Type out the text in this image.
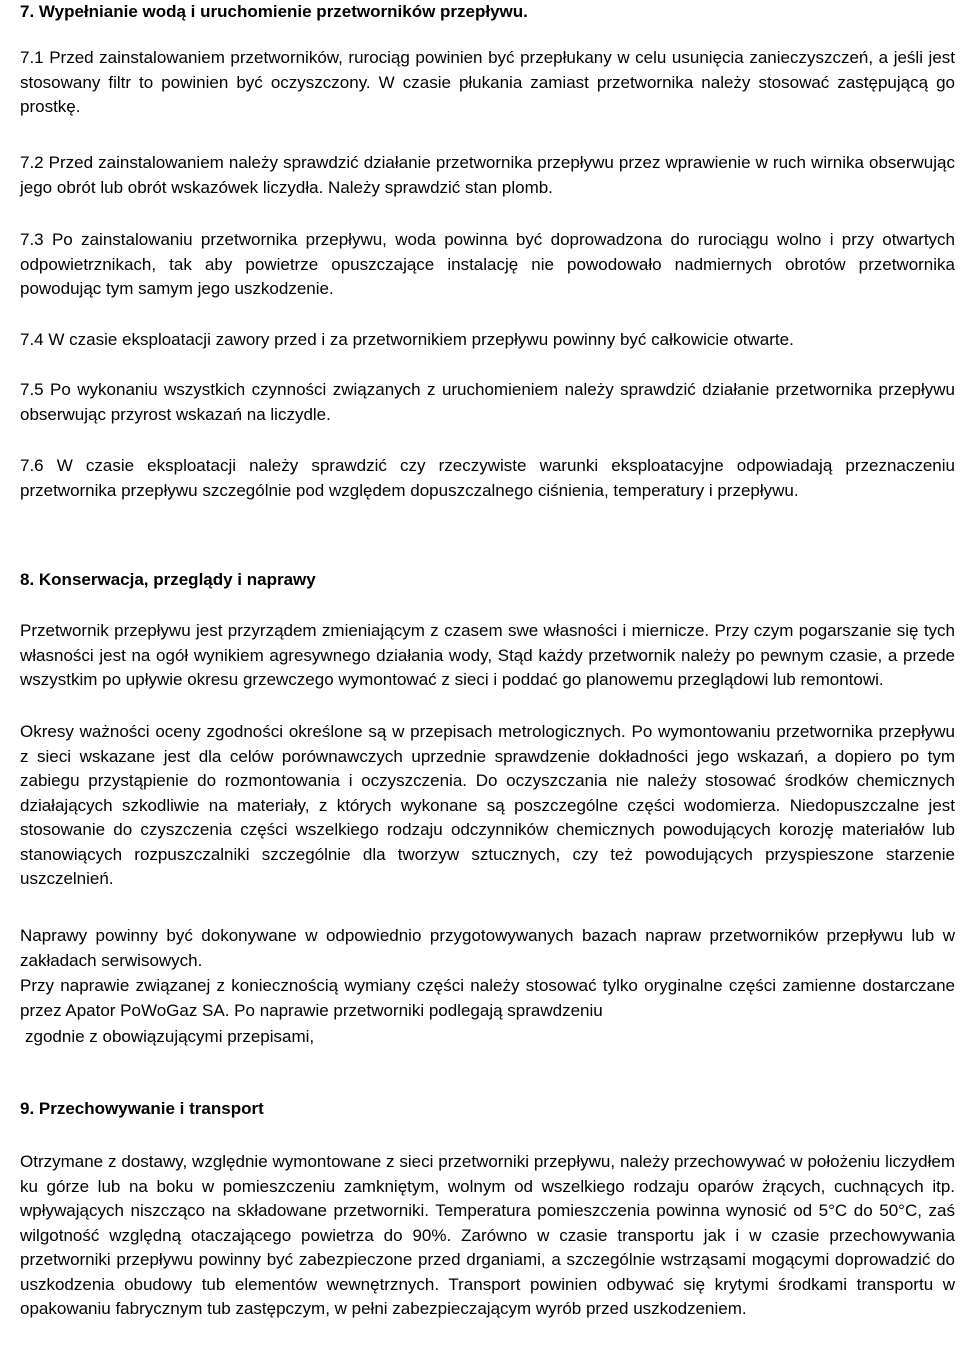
7. Wypełnianie wodą i uruchomienie przetworników przepływu.

7.1 Przed zainstalowaniem przetworników, rurociąg powinien być przepłukany w celu usunięcia zanieczyszczeń, a jeśli jest stosowany filtr to powinien być oczyszczony. W czasie płukania zamiast przetwornika należy stosować zastępującą go prostkę.

7.2 Przed zainstalowaniem należy sprawdzić działanie przetwornika przepływu przez wprawienie w ruch wirnika obserwując jego obrót lub obrót wskazówek liczydła. Należy sprawdzić stan plomb.

7.3 Po zainstalowaniu przetwornika przepływu, woda powinna być doprowadzona do rurociągu wolno i przy otwartych odpowietrznikach, tak aby powietrze opuszczające instalację nie powodowało nadmiernych obrotów przetwornika powodując tym samym jego uszkodzenie.

7.4 W czasie eksploatacji zawory przed i za przetwornikiem przepływu powinny być całkowicie otwarte.

7.5 Po wykonaniu wszystkich czynności związanych z uruchomieniem należy sprawdzić działanie przetwornika przepływu obserwując przyrost wskazań na liczydle.

7.6 W czasie eksploatacji należy sprawdzić czy rzeczywiste warunki eksploatacyjne odpowiadają przeznaczeniu przetwornika przepływu szczególnie pod względem dopuszczalnego ciśnienia, temperatury i przepływu.

8. Konserwacja, przeglądy i naprawy

Przetwornik przepływu jest przyrządem zmieniającym z czasem swe własności i miernicze. Przy czym pogarszanie się tych własności jest na ogół wynikiem agresywnego działania wody, Stąd każdy przetwornik należy po pewnym czasie, a przede wszystkim po upływie okresu grzewczego wymontować z sieci i poddać go planowemu przeglądowi lub remontowi.

Okresy ważności oceny zgodności określone są w przepisach metrologicznych. Po wymontowaniu przetwornika przepływu z sieci wskazane jest dla celów porównawczych uprzednie sprawdzenie dokładności jego wskazań, a dopiero po tym zabiegu przystąpienie do rozmontowania i oczyszczenia. Do oczyszczania nie należy stosować środków chemicznych działających szkodliwie na materiały, z których wykonane są poszczególne części wodomierza. Niedopuszczalne jest stosowanie do czyszczenia części wszelkiego rodzaju odczynników chemicznych powodujących korozję materiałów lub stanowiących rozpuszczalniki szczególnie dla tworzyw sztucznych, czy też powodujących przyspieszone starzenie uszczelnień.

Naprawy powinny być dokonywane w odpowiednio przygotowywanych bazach napraw przetworników przepływu lub w zakładach serwisowych.

Przy naprawie związanej z koniecznością wymiany części należy stosować tylko oryginalne części zamienne dostarczane przez Apator PoWoGaz SA. Po naprawie przetworniki podlegają sprawdzeniu

zgodnie z obowiązującymi przepisami,

9. Przechowywanie i transport

Otrzymane z dostawy, względnie wymontowane z sieci przetworniki przepływu, należy przechowywać w położeniu liczydłem ku górze lub na boku w pomieszczeniu zamkniętym, wolnym od wszelkiego rodzaju oparów żrących, cuchnących itp. wpływających niszcząco na składowane przetworniki. Temperatura pomieszczenia powinna wynosić od 5°C do 50°C, zaś wilgotność względną otaczającego powietrza do 90%. Zarówno w czasie transportu jak i w czasie przechowywania przetworniki przepływu powinny być zabezpieczone przed drganiami, a szczególnie wstrząsami mogącymi doprowadzić do uszkodzenia obudowy tub elementów wewnętrznych. Transport powinien odbywać się krytymi środkami transportu w opakowaniu fabrycznym tub zastępczym, w pełni zabezpieczającym wyrób przed uszkodzeniem.
